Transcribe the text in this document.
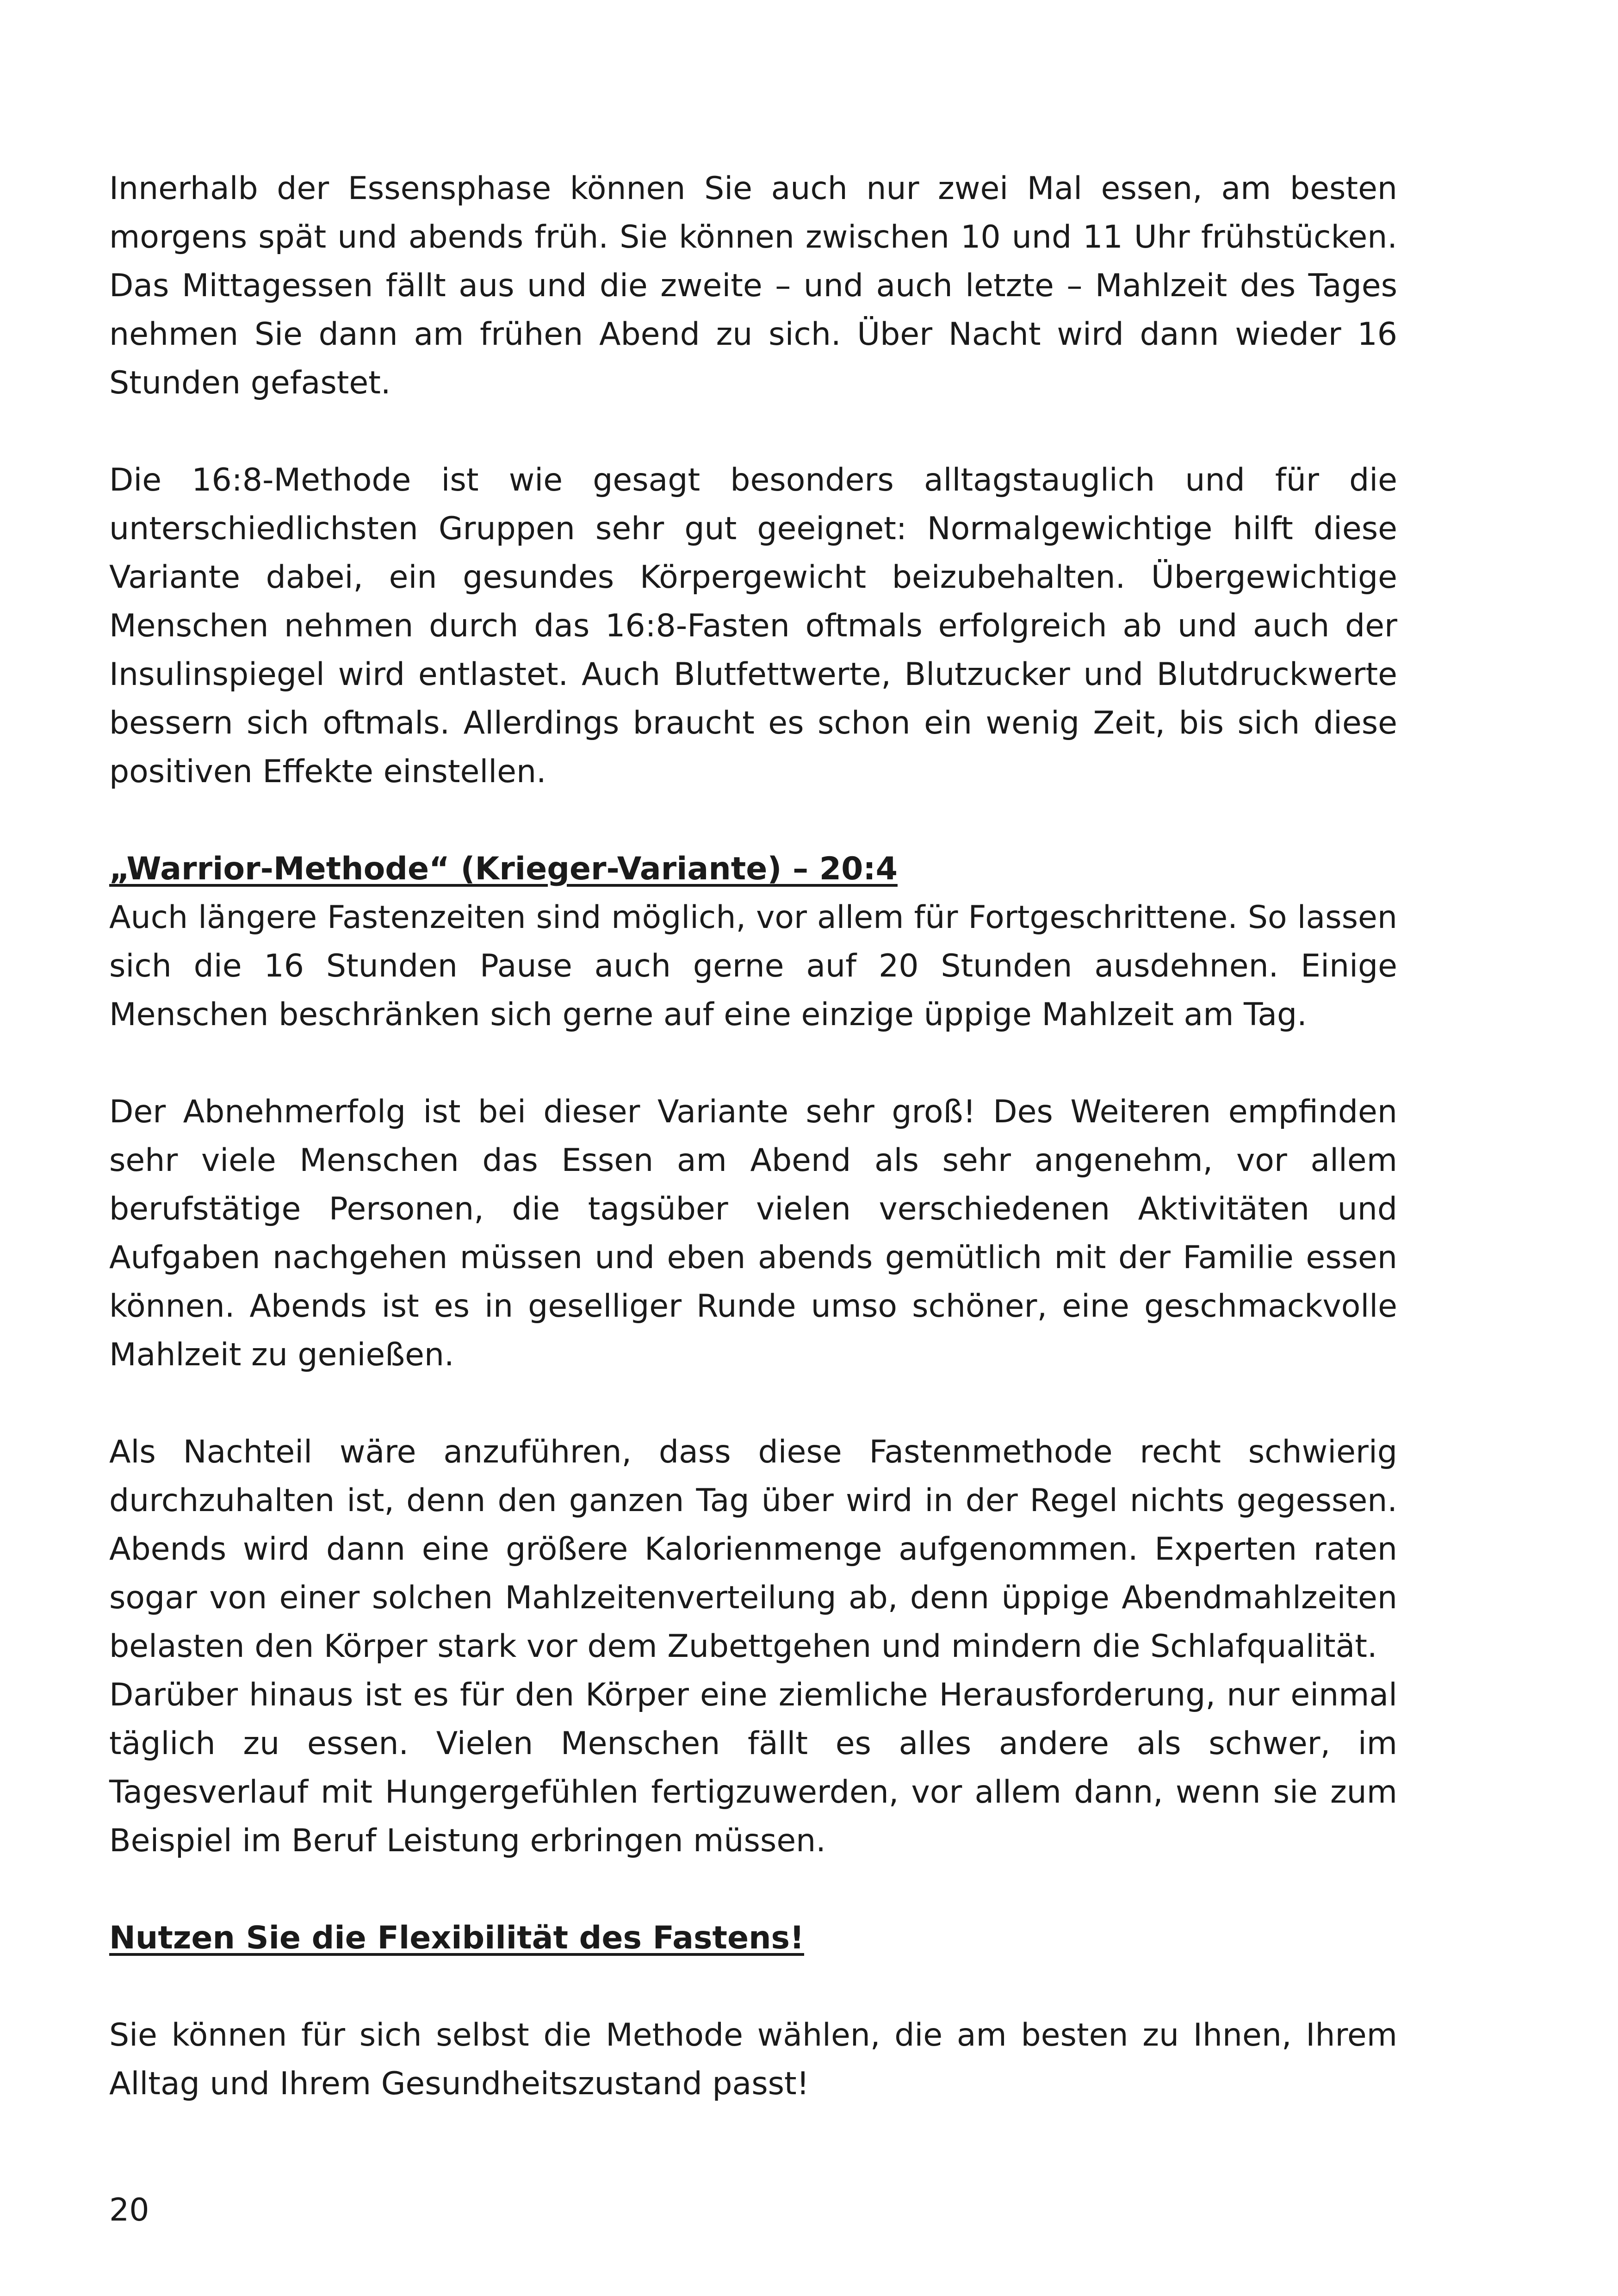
Innerhalb der Essensphase können Sie auch nur zwei Mal essen, am besten morgens spät und abends früh. Sie können zwischen 10 und 11 Uhr frühstücken. Das Mittagessen fällt aus und die zweite – und auch letzte – Mahlzeit des Tages nehmen Sie dann am frühen Abend zu sich. Über Nacht wird dann wieder 16 Stunden gefastet.

Die 16:8-Methode ist wie gesagt besonders alltagstauglich und für die unterschiedlichsten Gruppen sehr gut geeignet: Normalgewichtige hilft diese Variante dabei, ein gesundes Körpergewicht beizubehalten. Übergewichtige Menschen nehmen durch das 16:8-Fasten oftmals erfolgreich ab und auch der Insulinspiegel wird entlastet. Auch Blutfettwerte, Blutzucker und Blutdruckwerte bessern sich oftmals. Allerdings braucht es schon ein wenig Zeit, bis sich diese positiven Effekte einstellen.

„Warrior-Methode“ (Krieger-Variante) – 20:4

Auch längere Fastenzeiten sind möglich, vor allem für Fortgeschrittene. So lassen sich die 16 Stunden Pause auch gerne auf 20 Stunden ausdehnen. Einige Menschen beschränken sich gerne auf eine einzige üppige Mahlzeit am Tag.

Der Abnehmerfolg ist bei dieser Variante sehr groß! Des Weiteren empfinden sehr viele Menschen das Essen am Abend als sehr angenehm, vor allem berufstätige Personen, die tagsüber vielen verschiedenen Aktivitäten und Aufgaben nachgehen müssen und eben abends gemütlich mit der Familie essen können. Abends ist es in geselliger Runde umso schöner, eine geschmackvolle Mahlzeit zu genießen.

Als Nachteil wäre anzuführen, dass diese Fastenmethode recht schwierig durchzuhalten ist, denn den ganzen Tag über wird in der Regel nichts gegessen. Abends wird dann eine größere Kalorienmenge aufgenommen. Experten raten sogar von einer solchen Mahlzeitenverteilung ab, denn üppige Abendmahlzeiten belasten den Körper stark vor dem Zubettgehen und mindern die Schlafqualität.

Darüber hinaus ist es für den Körper eine ziemliche Herausforderung, nur einmal täglich zu essen. Vielen Menschen fällt es alles andere als schwer, im Tagesverlauf mit Hungergefühlen fertigzuwerden, vor allem dann, wenn sie zum Beispiel im Beruf Leistung erbringen müssen.

Nutzen Sie die Flexibilität des Fastens!

Sie können für sich selbst die Methode wählen, die am besten zu Ihnen, Ihrem Alltag und Ihrem Gesundheitszustand passt!

20
